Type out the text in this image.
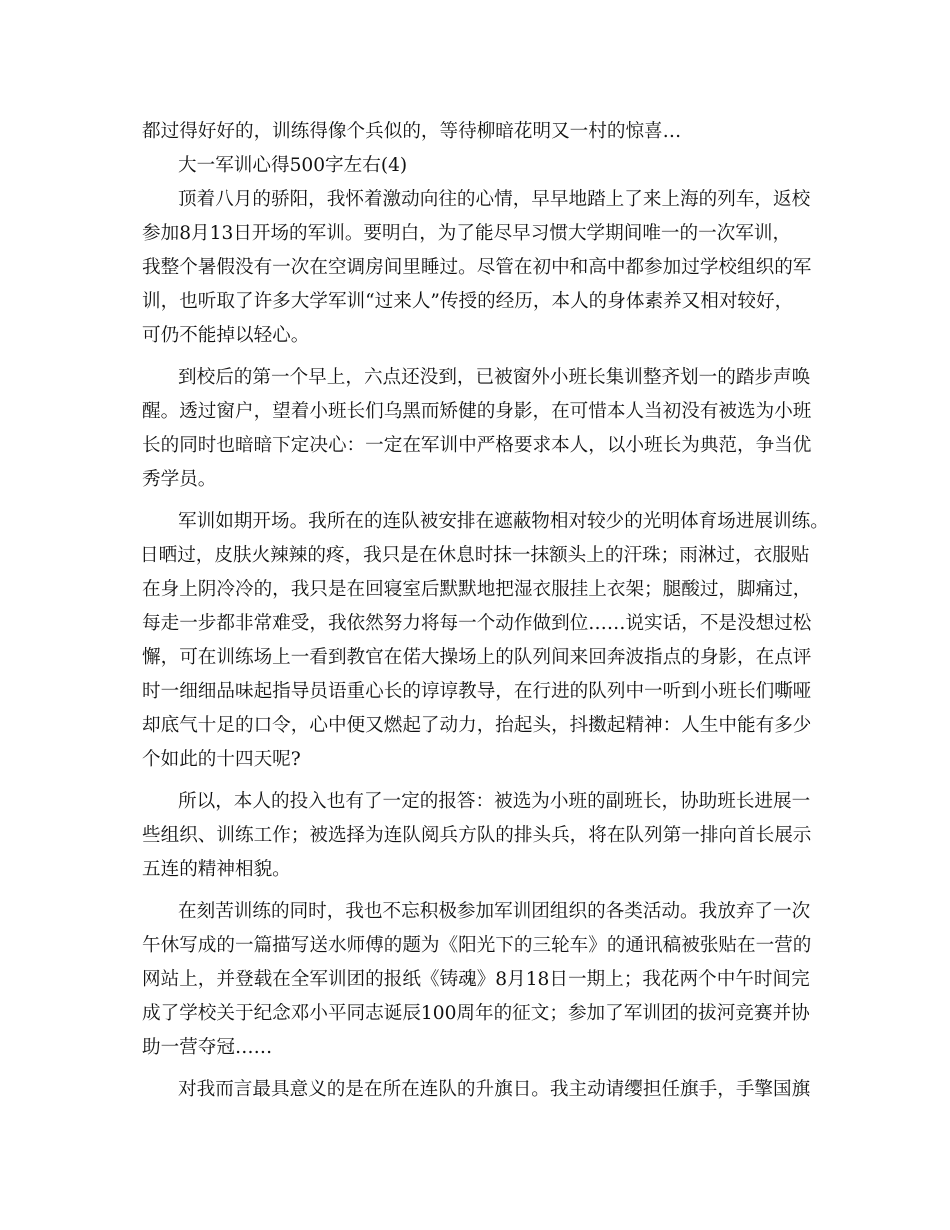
都过得好好的，训练得像个兵似的，等待柳暗花明又一村的惊喜…
大一军训心得500字左右(4)
顶着八月的骄阳，我怀着激动向往的心情，早早地踏上了来上海的列车，返校
参加8月13日开场的军训。要明白，为了能尽早习惯大学期间唯一的一次军训，
我整个暑假没有一次在空调房间里睡过。尽管在初中和高中都参加过学校组织的军
训，也听取了许多大学军训“过来人”传授的经历，本人的身体素养又相对较好，
可仍不能掉以轻心。
到校后的第一个早上，六点还没到，已被窗外小班长集训整齐划一的踏步声唤
醒。透过窗户，望着小班长们乌黑而矫健的身影，在可惜本人当初没有被选为小班
长的同时也暗暗下定决心：一定在军训中严格要求本人，以小班长为典范，争当优
秀学员。
军训如期开场。我所在的连队被安排在遮蔽物相对较少的光明体育场进展训练。
日晒过，皮肤火辣辣的疼，我只是在休息时抹一抹额头上的汗珠；雨淋过，衣服贴
在身上阴冷冷的，我只是在回寝室后默默地把湿衣服挂上衣架；腿酸过，脚痛过，
每走一步都非常难受，我依然努力将每一个动作做到位……说实话，不是没想过松
懈，可在训练场上一看到教官在偌大操场上的队列间来回奔波指点的身影，在点评
时一细细品味起指导员语重心长的谆谆教导，在行进的队列中一听到小班长们嘶哑
却底气十足的口令，心中便又燃起了动力，抬起头，抖擞起精神：人生中能有多少
个如此的十四天呢?
所以，本人的投入也有了一定的报答：被选为小班的副班长，协助班长进展一
些组织、训练工作；被选择为连队阅兵方队的排头兵，将在队列第一排向首长展示
五连的精神相貌。
在刻苦训练的同时，我也不忘积极参加军训团组织的各类活动。我放弃了一次
午休写成的一篇描写送水师傅的题为《阳光下的三轮车》的通讯稿被张贴在一营的
网站上，并登载在全军训团的报纸《铸魂》8月18日一期上；我花两个中午时间完
成了学校关于纪念邓小平同志诞辰100周年的征文；参加了军训团的拔河竞赛并协
助一营夺冠……
对我而言最具意义的是在所在连队的升旗日。我主动请缨担任旗手，手擎国旗
